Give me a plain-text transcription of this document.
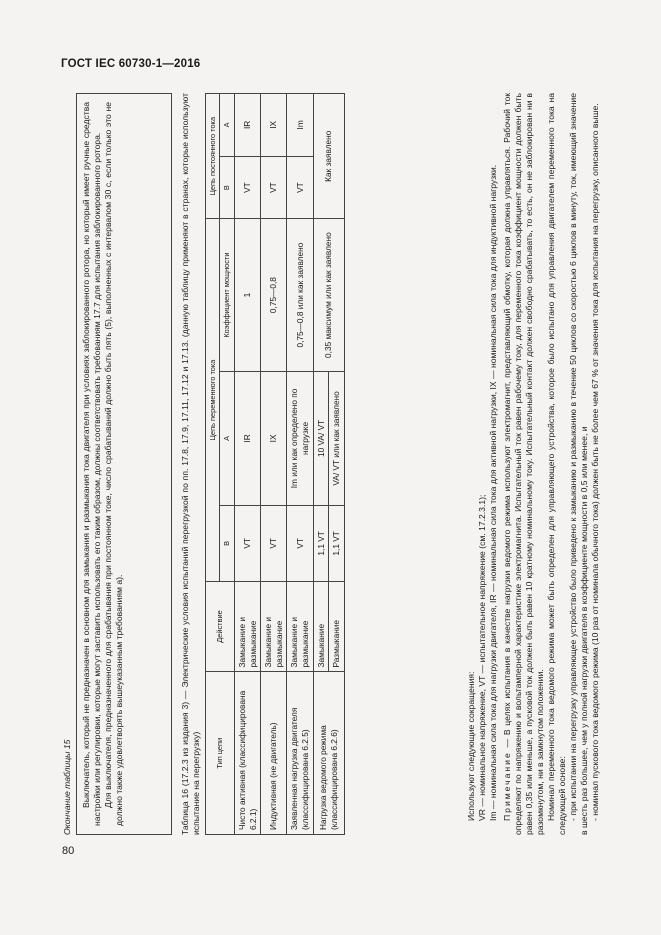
ГОСТ IEC 60730-1—2016
80
Окончание таблицы 15 Выключатель, который не предназначен в основном для замыкания и размыкания тока двигателя при условиях заблокированного ротора, но который имеет ручные средства настройки или регулировки, которые могут заставить использовать его таким образом, должны соответствовать требованиям 17.7 для испытания заблокированного ротора. Для выключателя, предназначенного для срабатывания при постоянном токе, число срабатываний должно быть пять (5), выполненных с интервалом 30 с, если только это не должно также удовлетворять вышеуказанным требованиям а).	Таблица 16 (17.2.3 из издания 3) — Электрические условия испытаний перегрузкой по пп. 17.8, 17.9, 17.11, 17.12 и 17.13. (данную таблицу применяют в странах, которые используют испытание на перегрузку) Тип цепи	Действие	Цепь переменного тока			Цепь постоянного тока	
		В	А	Коэффициент мощности	В	А
Чисто активная (классифицирована 6.2.1)	Замыкание и размыкание	VT	IR	1	VT	IR
Индуктивная (не двигатель)	Замыкание и размыкание	VT	IX	0,75—0,8	VT	IX
Заявленная нагрузка двигателя (классифицирована 6.2.5)	Замыкание и размыкание	VT	Im или как определено по нагрузке	0,75—0,8 или как заявлено	VT	Im
Нагрузка ведомого режима (классифицирована 6.2.6)	Замыкание	1,1 VT	10 VA/ VT	0,35 максимум или как заявлено	Как заявлено	
	Размыкание	1,1 VT	VA/ VT или как заявлено			

Используют следующие сокращения: VR — номинальное напряжение, VT — испытательное напряжение (см. 17.2.3.1); Im — номинальная сила тока для нагрузки двигателя, IR — номинальная сила тока для активной нагрузки, IX — номинальная сила тока для индуктивной нагрузки. Примечание — В целях испытания в качестве нагрузки ведомого режима используют электромагнит, представляющий обмотку, которая должна управляться. Рабочий ток определяют по напряжению и вольтамперной характеристике электромагнита. Испытательный ток равен рабочему току, для переменного тока коэффициент мощности должен быть равен 0,35 или меньше, а пусковой ток должен быть равен 10 кратному номинальному току. Испытательный контакт должен свободно срабатывать, то есть, он не заблокирован ни в разомкнутом, ни в замкнутом положении. Номинал переменного тока ведомого режима может быть определен для управляющего устройства, которое было испытано для управления двигателем переменного тока на следующей основе: - при испытании на перегрузку управляющее устройство было приведено к замыканию и размыканию в течение 50 циклов со скоростью 6 циклов в минуту, ток, имеющий значение в шесть раз большее, чем у полной нагрузки двигателя в коэффициенте мощности в 0,5 или менее, и - номинал пускового тока ведомого режима (10 раз от номинала обычного тока) должен быть не более чем 67 % от значения тока для испытания на перегрузку, описанного выше.
